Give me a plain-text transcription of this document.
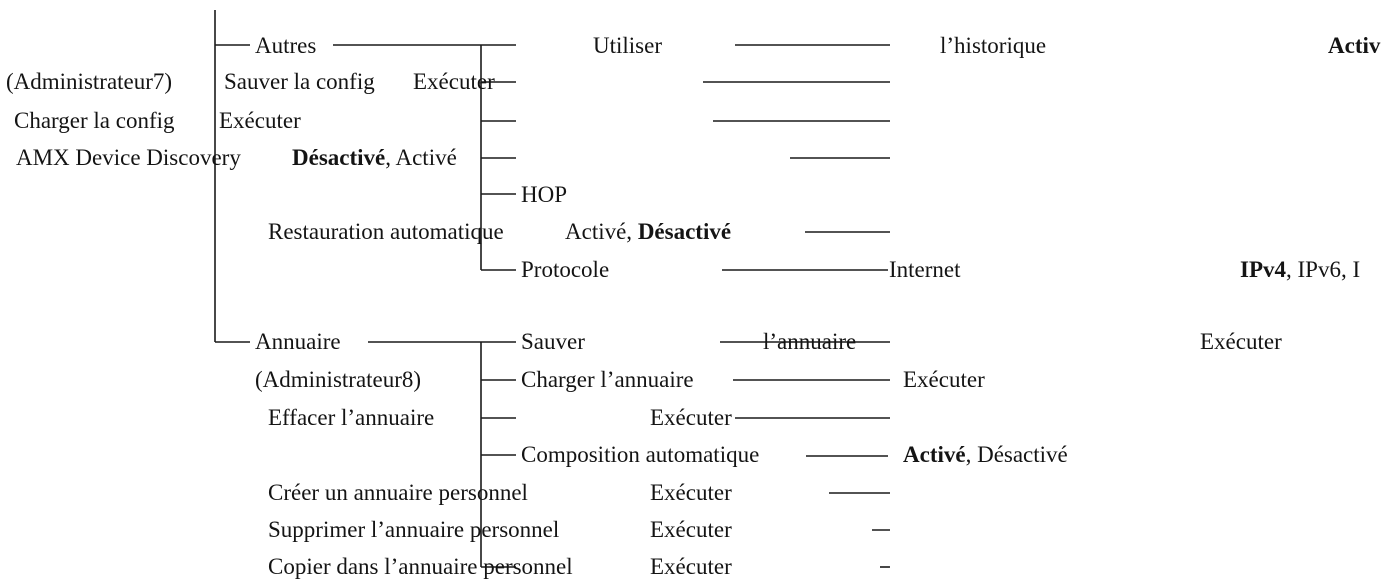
Autres
(Administrateur7)
Utiliser	l’historique	Activ
Sauver la config Exécuter
Charger la config Exécuter
AMX Device Discovery Désactivé, Activé
HOP
Restauration automatique	Activé, Désactivé
Protocole	Internet	IPv4, IPv6, I
Annuaire
(Administrateur8)
Sauver	l’annuaire	Exécuter
Charger l’annuaire	Exécuter
Effacer l’annuaire	Exécuter
Composition automatique	Activé, Désactivé
Créer un annuaire personnel	Exécuter
Supprimer l’annuaire personnel	Exécuter
Copier dans l’annuaire personnel	Exécuter
